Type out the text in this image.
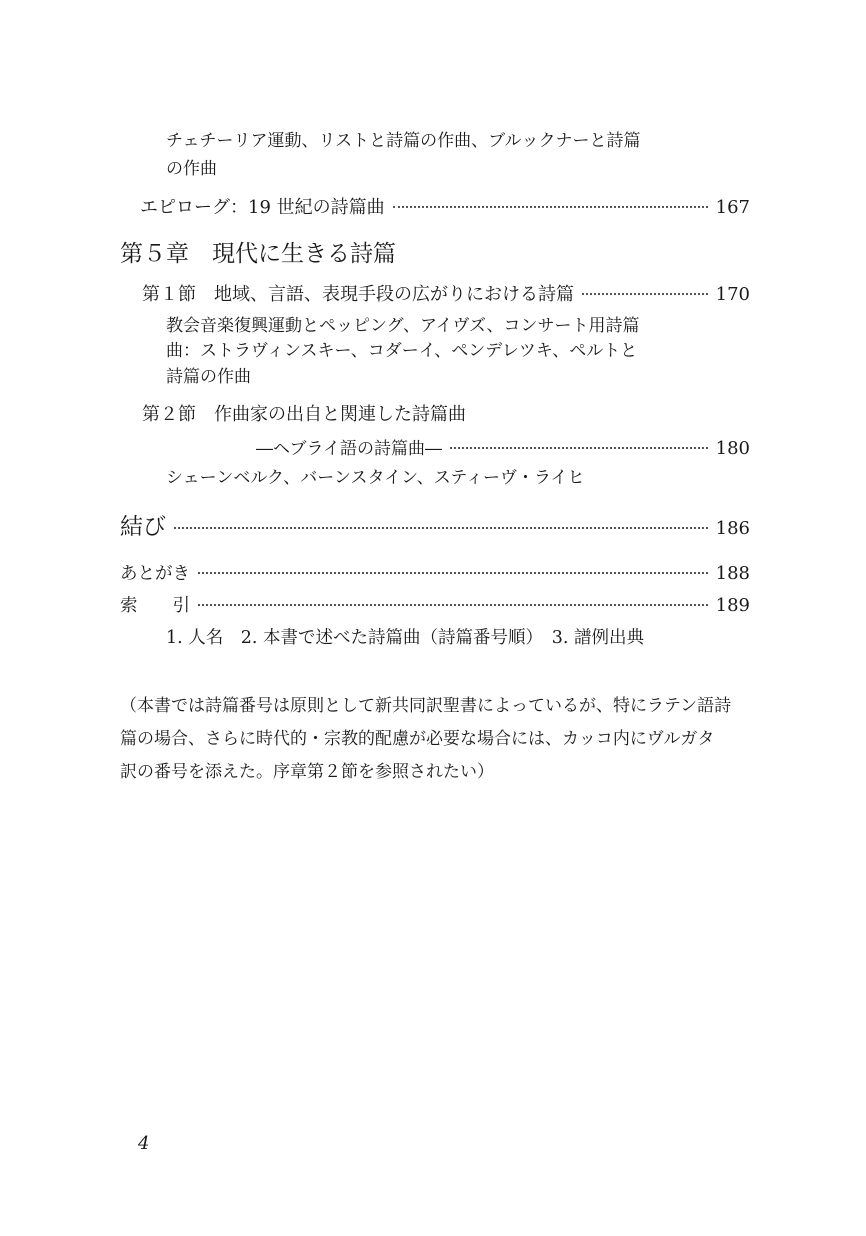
チェチーリア運動、リストと詩篇の作曲、ブルックナーと詩篇
の作曲
エピローグ：19 世紀の詩篇曲	167
第５章　現代に生きる詩篇
第１節　地域、言語、表現手段の広がりにおける詩篇	170
教会音楽復興運動とペッピング、アイヴズ、コンサート用詩篇
曲：ストラヴィンスキー、コダーイ、ペンデレツキ、ペルトと
詩篇の作曲
第２節　作曲家の出自と関連した詩篇曲
―ヘブライ語の詩篇曲―	180
シェーンベルク、バーンスタイン、スティーヴ・ライヒ
結び	186
あとがき	188
索　　引	189
1. 人名　2. 本書で述べた詩篇曲（詩篇番号順）　3. 譜例出典
（本書では詩篇番号は原則として新共同訳聖書によっているが、特にラテン語詩
篇の場合、さらに時代的・宗教的配慮が必要な場合には、カッコ内にヴルガタ
訳の番号を添えた。序章第２節を参照されたい）
4
